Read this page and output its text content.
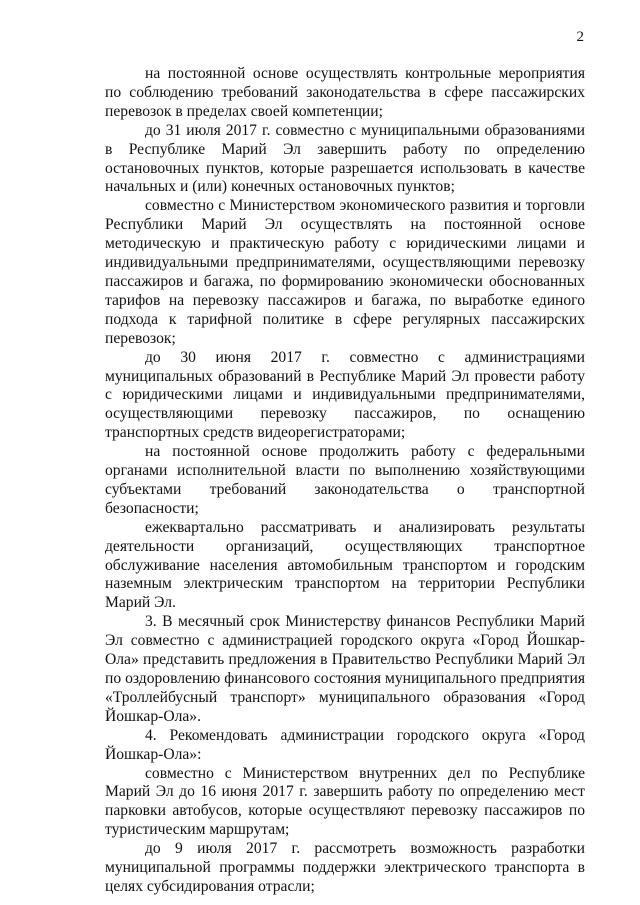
2

на постоянной основе осуществлять контрольные мероприятия по соблюдению требований законодательства в сфере пассажирских перевозок в пределах своей компетенции;

до 31 июля 2017 г. совместно с муниципальными образованиями в Республике Марий Эл завершить работу по определению остановочных пунктов, которые разрешается использовать в качестве начальных и (или) конечных остановочных пунктов;

совместно с Министерством экономического развития и торговли Республики Марий Эл осуществлять на постоянной основе методическую и практическую работу с юридическими лицами и индивидуальными предпринимателями, осуществляющими перевозку пассажиров и багажа, по формированию экономически обоснованных тарифов на перевозку пассажиров и багажа, по выработке единого подхода к тарифной политике в сфере регулярных пассажирских перевозок;

до 30 июня 2017 г. совместно с администрациями муниципальных образований в Республике Марий Эл провести работу с юридическими лицами и индивидуальными предпринимателями, осуществляющими перевозку пассажиров, по оснащению транспортных средств видеорегистраторами;

на постоянной основе продолжить работу с федеральными органами исполнительной власти по выполнению хозяйствующими субъектами требований законодательства о транспортной безопасности;

ежеквартально рассматривать и анализировать результаты деятельности организаций, осуществляющих транспортное обслуживание населения автомобильным транспортом и городским наземным электрическим транспортом на территории Республики Марий Эл.

3. В месячный срок Министерству финансов Республики Марий Эл совместно с администрацией городского округа «Город Йошкар-Ола» представить предложения в Правительство Республики Марий Эл по оздоровлению финансового состояния муниципального предприятия «Троллейбусный транспорт» муниципального образования «Город Йошкар-Ола».

4. Рекомендовать администрации городского округа «Город Йошкар-Ола»:

совместно с Министерством внутренних дел по Республике Марий Эл до 16 июня 2017 г. завершить работу по определению мест парковки автобусов, которые осуществляют перевозку пассажиров по туристическим маршрутам;

до 9 июля 2017 г. рассмотреть возможность разработки муниципальной программы поддержки электрического транспорта в целях субсидирования отрасли;
